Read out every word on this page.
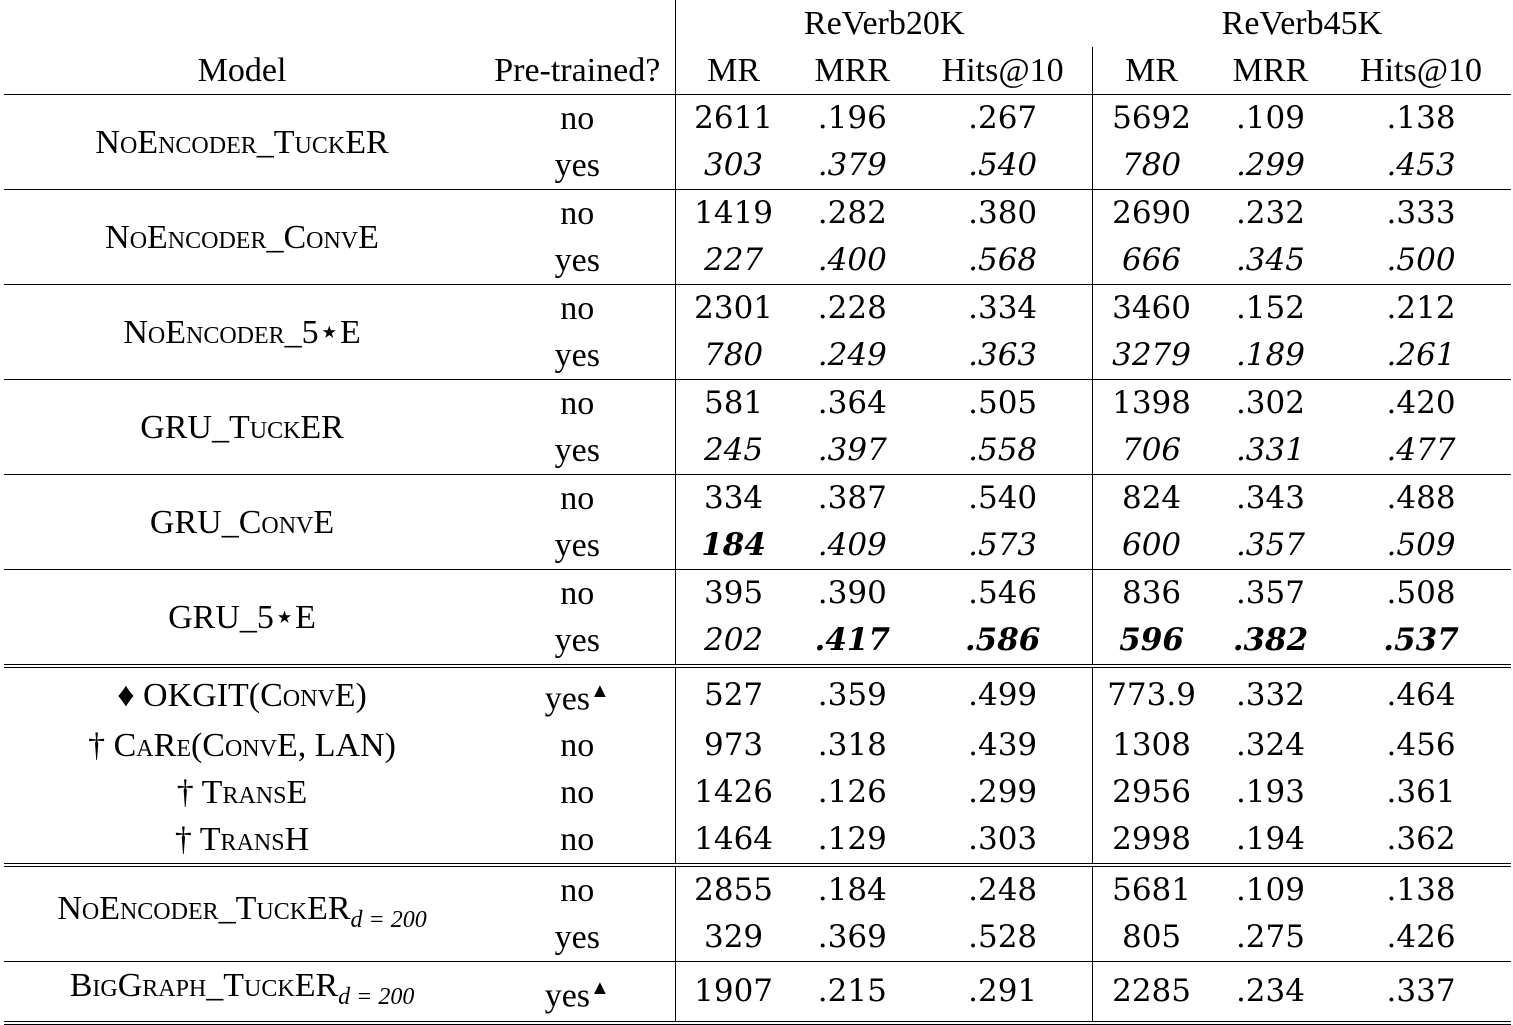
		ReVerb20K			ReVerb45K		
Model	Pre-trained?	MR	MRR	Hits@10	MR	MRR	Hits@10
NoEncoder_TuckER	no	2611	.196	.267	5692	.109	.138
	yes	303	.379	.540	780	.299	.453
NoEncoder_ConvE	no	1419	.282	.380	2690	.232	.333
	yes	227	.400	.568	666	.345	.500
NoEncoder_5⋆E	no	2301	.228	.334	3460	.152	.212
	yes	780	.249	.363	3279	.189	.261
GRU_TuckER	no	581	.364	.505	1398	.302	.420
	yes	245	.397	.558	706	.331	.477
GRU_ConvE	no	334	.387	.540	824	.343	.488
	yes	184	.409	.573	600	.357	.509
GRU_5⋆E	no	395	.390	.546	836	.357	.508
	yes	202	.417	.586	596	.382	.537
♦ OKGIT(ConvE)	yes▲	527	.359	.499	773.9	.332	.464
† CaRe(ConvE, LAN)	no	973	.318	.439	1308	.324	.456
† TransE	no	1426	.126	.299	2956	.193	.361
† TransH	no	1464	.129	.303	2998	.194	.362
NoEncoder_TuckER$_{d = 200}$	no	2855	.184	.248	5681	.109	.138
	yes	329	.369	.528	805	.275	.426
BigGraph_TuckER$_{d = 200}$	yes▲	1907	.215	.291	2285	.234	.337
